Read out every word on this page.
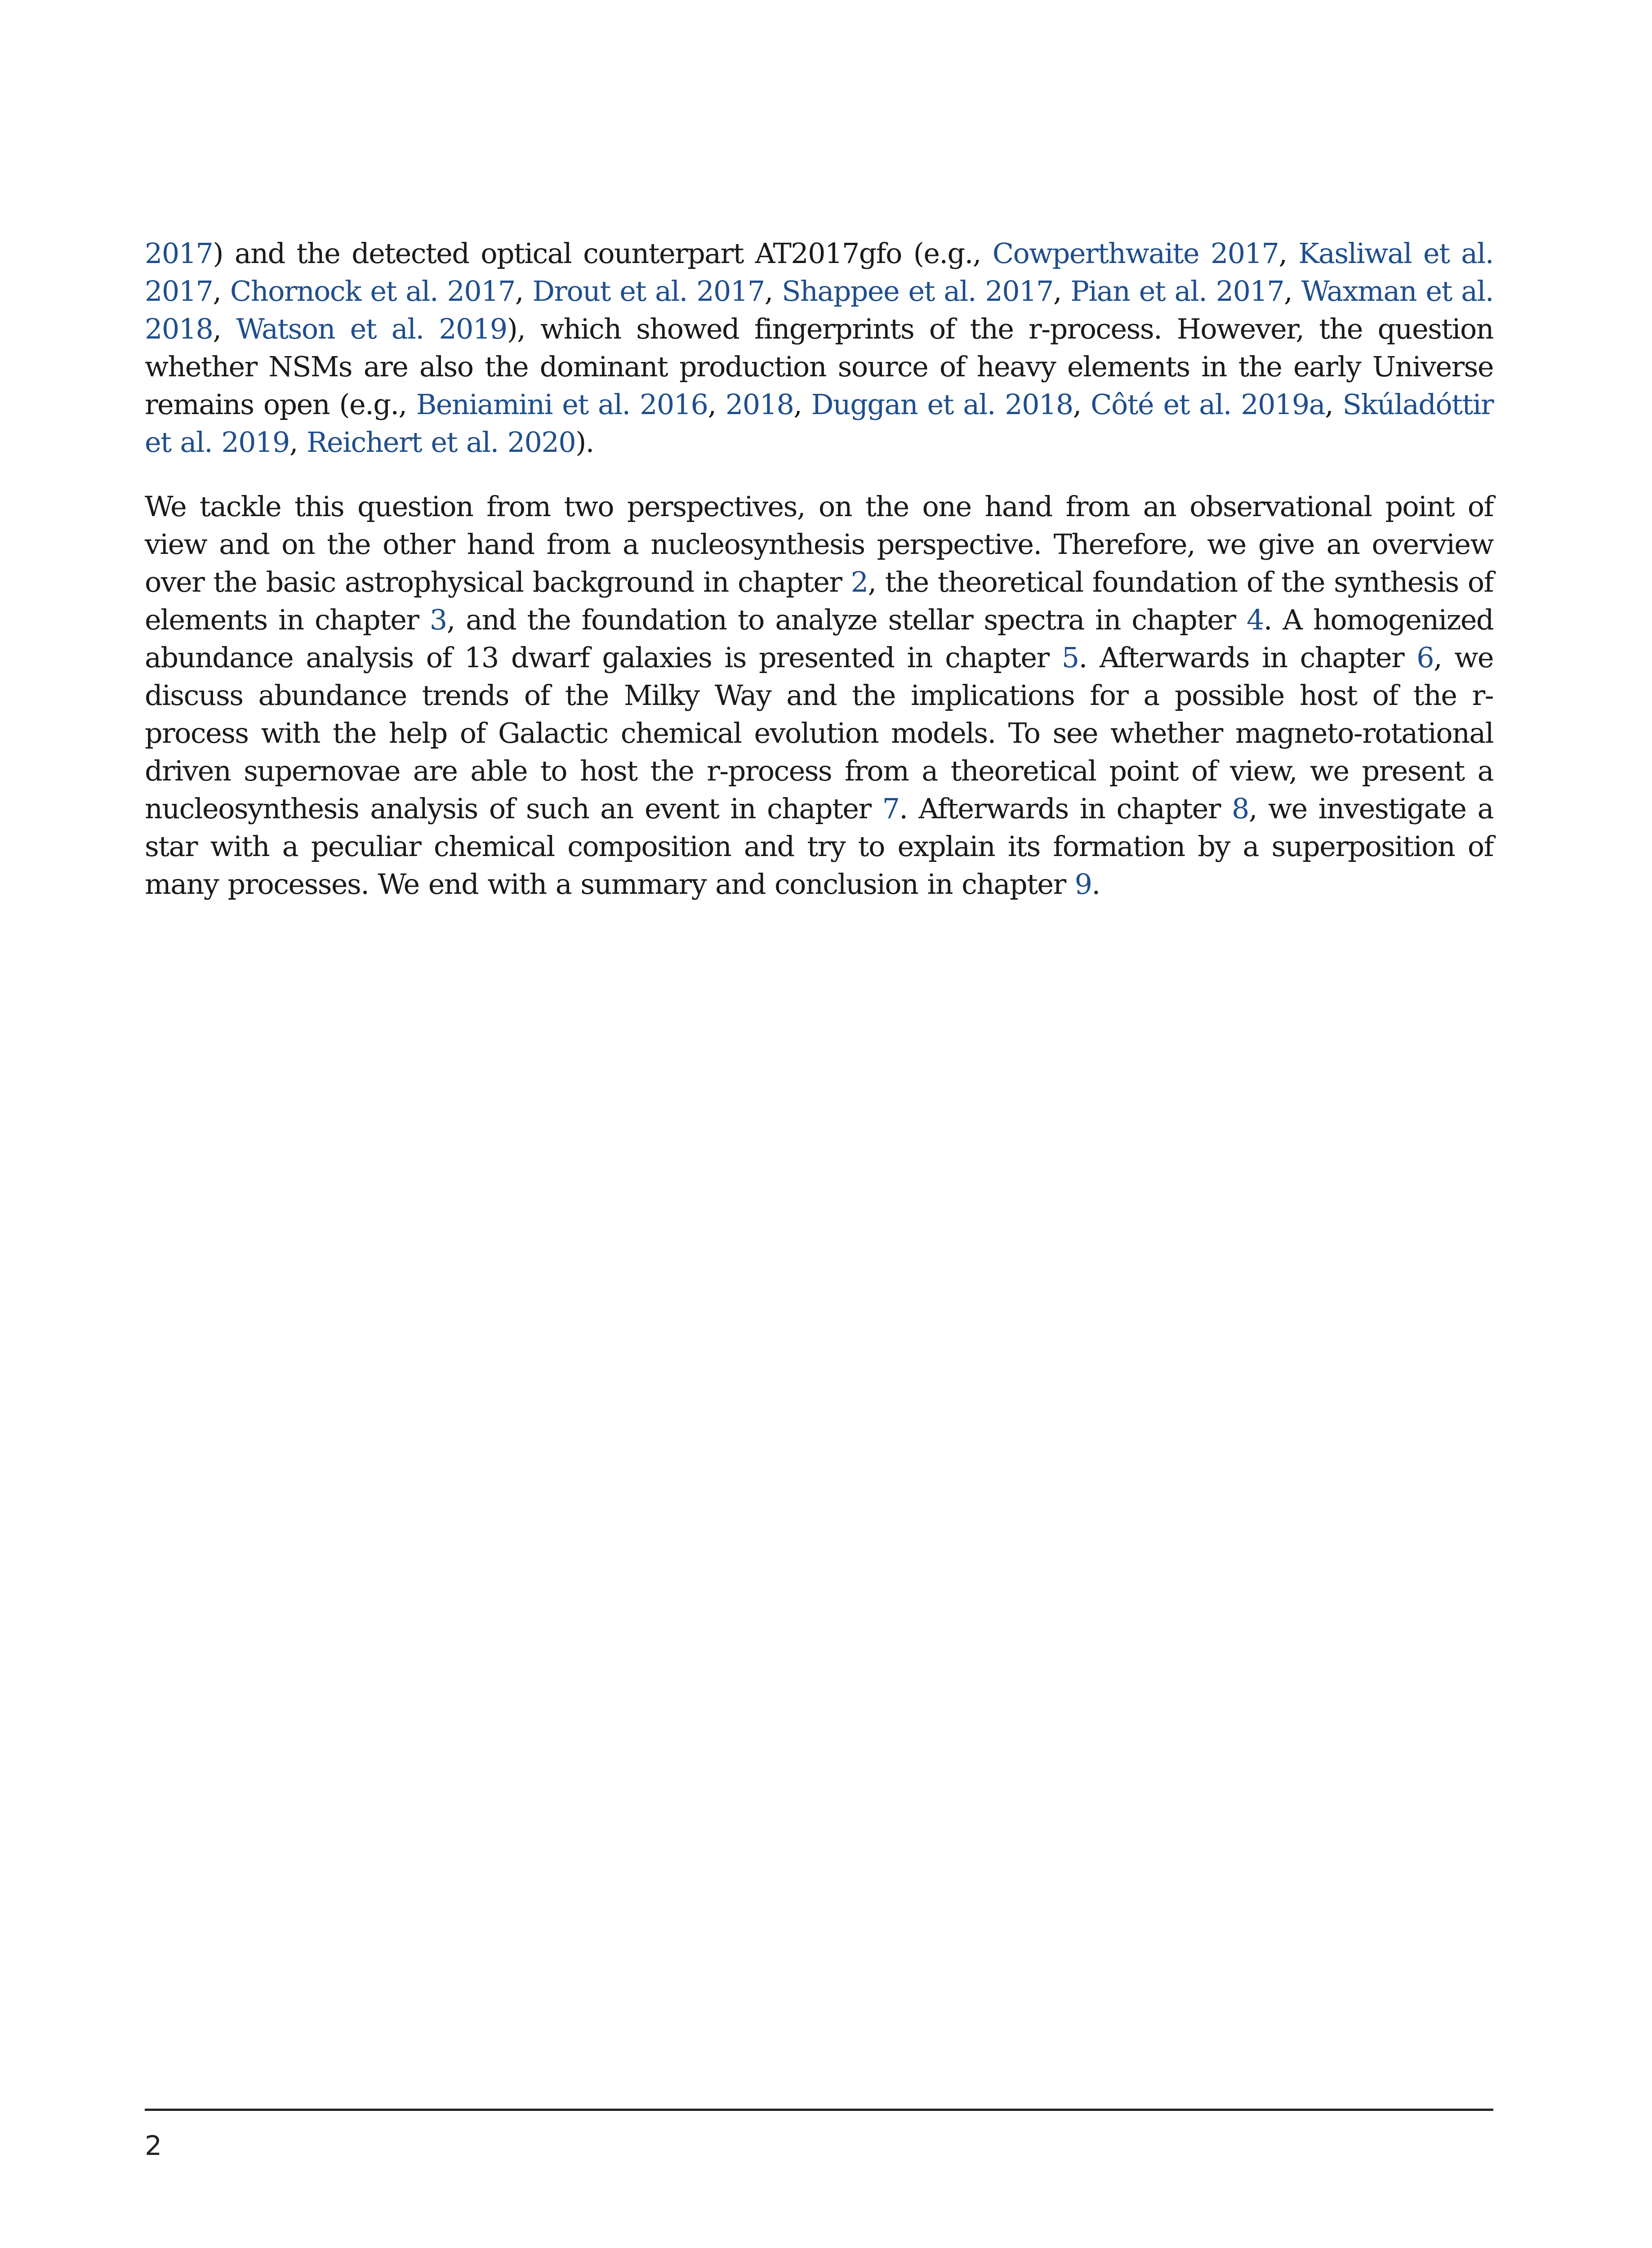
2017) and the detected optical counterpart AT2017gfo (e.g., Cowperthwaite 2017, Kasliwal et al. 2017, Chornock et al. 2017, Drout et al. 2017, Shappee et al. 2017, Pian et al. 2017, Waxman et al. 2018, Watson et al. 2019), which showed fingerprints of the r-process. However, the question whether NSMs are also the dominant production source of heavy elements in the early Universe remains open (e.g., Beniamini et al. 2016, 2018, Duggan et al. 2018, Côté et al. 2019a, Skúladóttir et al. 2019, Reichert et al. 2020).

We tackle this question from two perspectives, on the one hand from an observational point of view and on the other hand from a nucleosynthesis perspective. Therefore, we give an overview over the basic astrophysical background in chapter 2, the theoretical foundation of the synthesis of elements in chapter 3, and the foundation to analyze stellar spectra in chapter 4. A homogenized abundance analysis of 13 dwarf galaxies is presented in chapter 5. Afterwards in chapter 6, we discuss abundance trends of the Milky Way and the implications for a possible host of the r-process with the help of Galactic chemical evolution models. To see whether magneto-rotational driven supernovae are able to host the r-process from a theoretical point of view, we present a nucleosynthesis analysis of such an event in chapter 7. Afterwards in chapter 8, we investigate a star with a peculiar chemical composition and try to explain its formation by a superposition of many processes. We end with a summary and conclusion in chapter 9.

2
